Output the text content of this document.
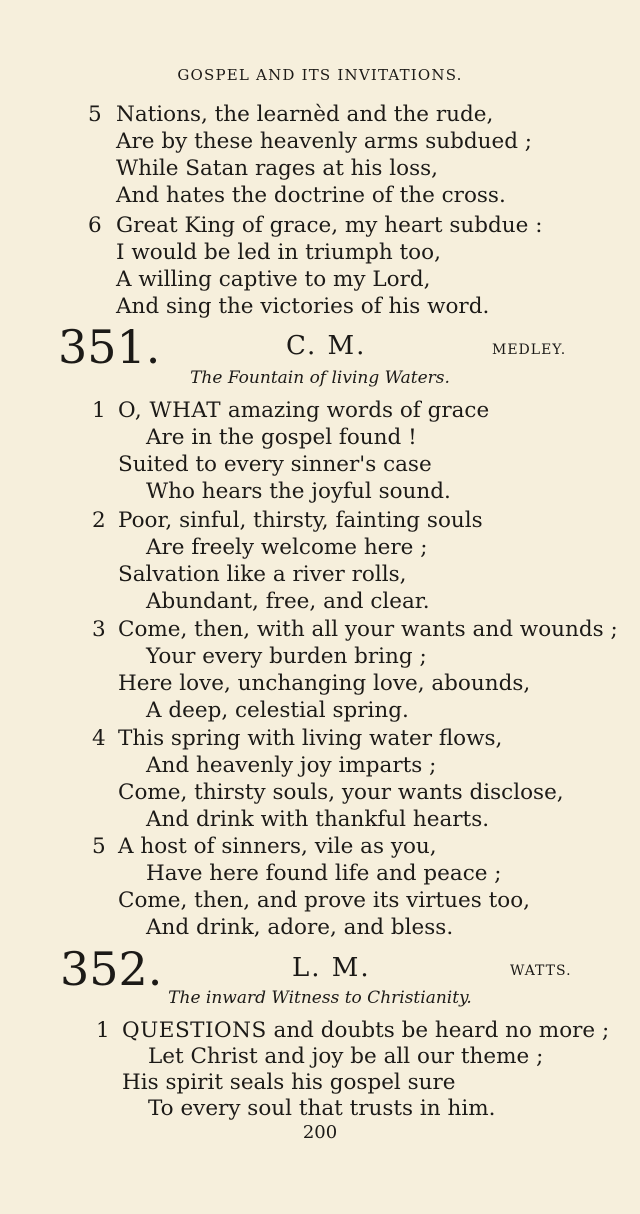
GOSPEL AND ITS INVITATIONS.
5 Nations, the learnèd and the rude,
Are by these heavenly arms subdued ;
While Satan rages at his loss,
And hates the doctrine of the cross.
6 Great King of grace, my heart subdue :
I would be led in triumph too,
A willing captive to my Lord,
And sing the victories of his word.
351.	C. M.	MEDLEY.
The Fountain of living Waters.
1 O, WHAT amazing words of grace
Are in the gospel found !
Suited to every sinner's case
Who hears the joyful sound.
2 Poor, sinful, thirsty, fainting souls
Are freely welcome here ;
Salvation like a river rolls,
Abundant, free, and clear.
3 Come, then, with all your wants and wounds ;
Your every burden bring ;
Here love, unchanging love, abounds,
A deep, celestial spring.
4 This spring with living water flows,
And heavenly joy imparts ;
Come, thirsty souls, your wants disclose,
And drink with thankful hearts.
5 A host of sinners, vile as you,
Have here found life and peace ;
Come, then, and prove its virtues too,
And drink, adore, and bless.
352.	L. M.	WATTS.
The inward Witness to Christianity.
1 QUESTIONS and doubts be heard no more ;
Let Christ and joy be all our theme ;
His spirit seals his gospel sure
To every soul that trusts in him.
200
